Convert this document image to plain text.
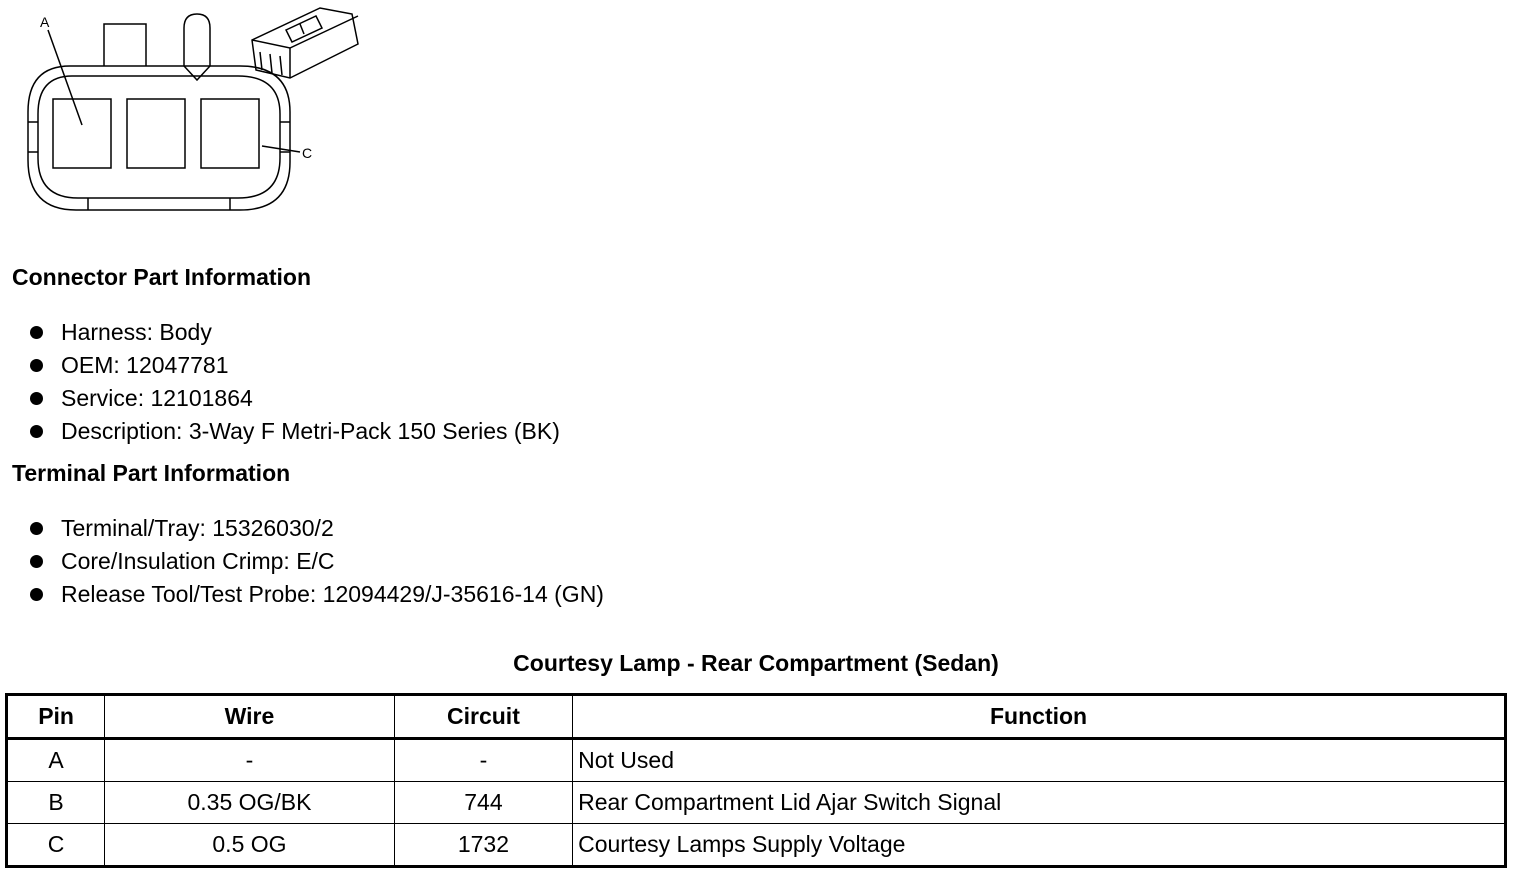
A
C
Connector Part Information
Harness: Body
OEM: 12047781
Service: 12101864
Description: 3-Way F Metri-Pack 150 Series (BK)
Terminal Part Information
Terminal/Tray: 15326030/2
Core/Insulation Crimp: E/C
Release Tool/Test Probe: 12094429/J-35616-14 (GN)
Courtesy Lamp - Rear Compartment (Sedan)
Pin	Wire	Circuit	Function
A	-	-	Not Used
B	0.35 OG/BK	744	Rear Compartment Lid Ajar Switch Signal
C	0.5 OG	1732	Courtesy Lamps Supply Voltage
